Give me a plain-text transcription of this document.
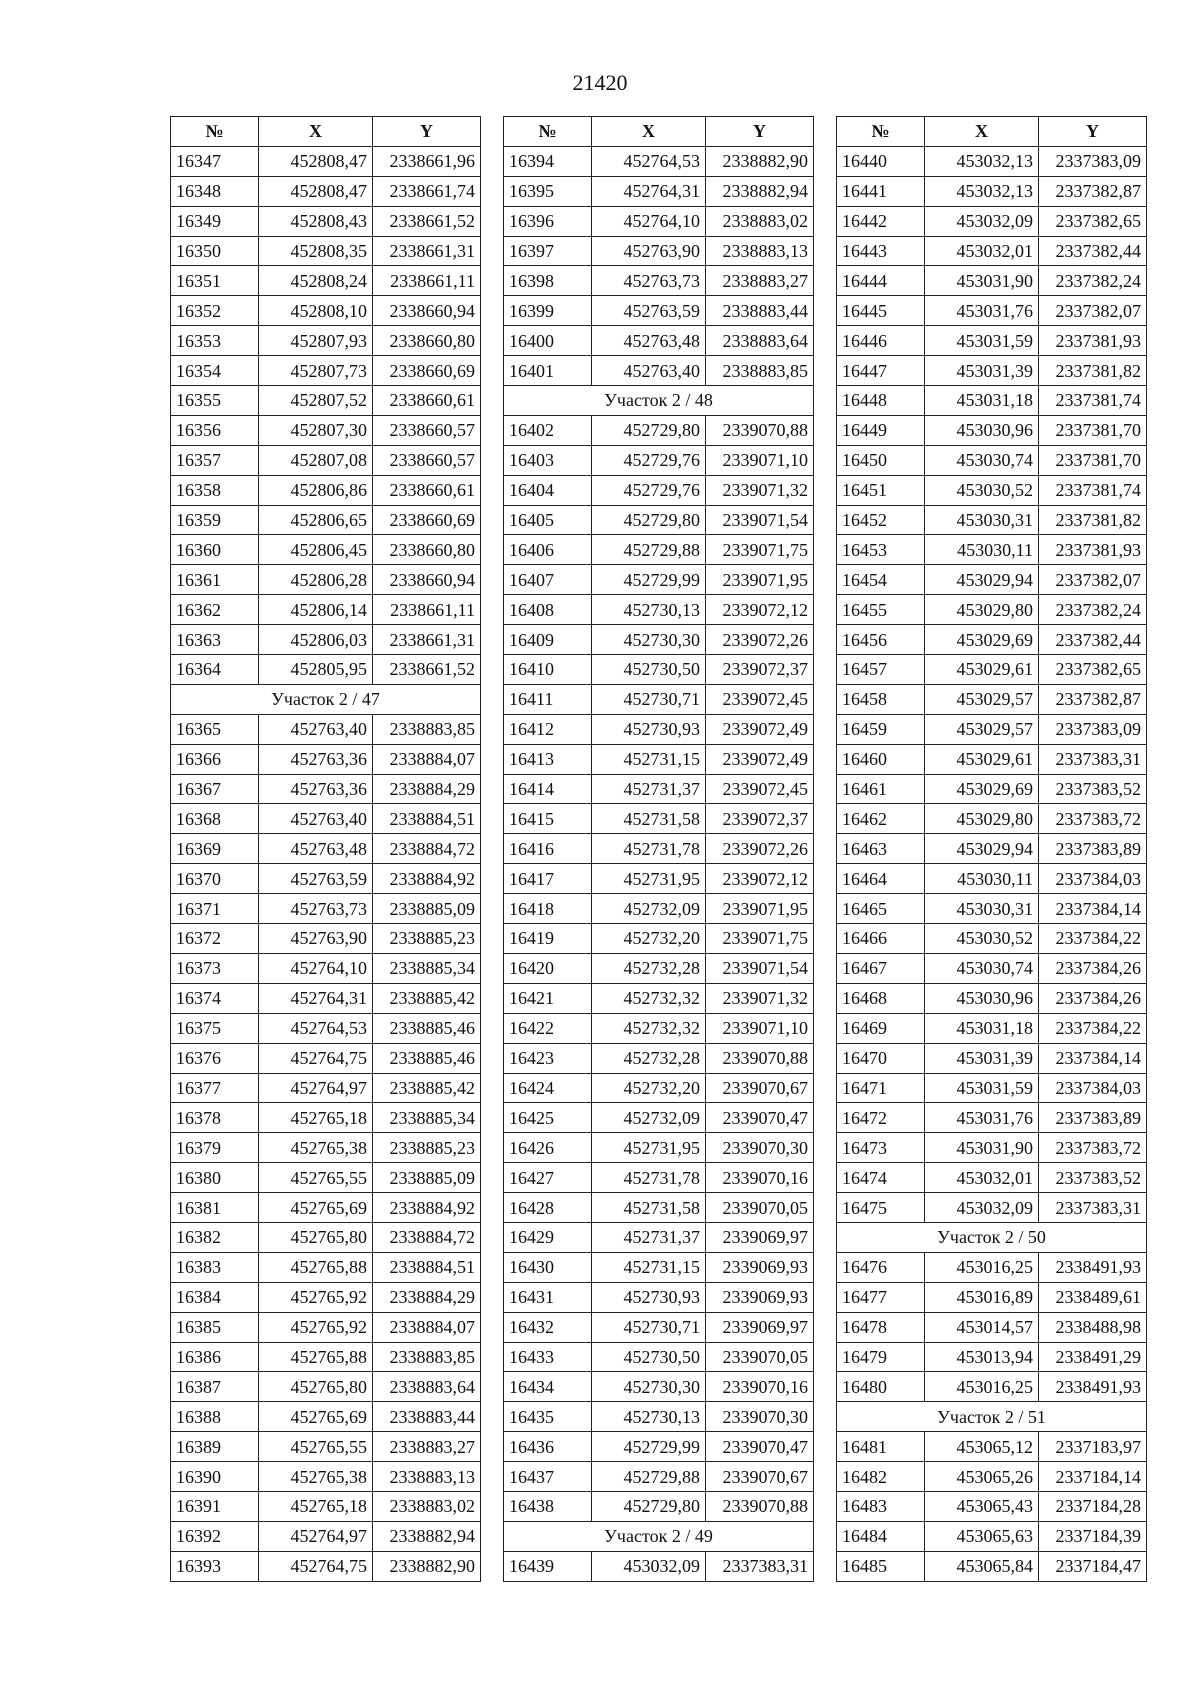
21420
№	X	Y
16347	452808,47	2338661,96
16348	452808,47	2338661,74
16349	452808,43	2338661,52
16350	452808,35	2338661,31
16351	452808,24	2338661,11
16352	452808,10	2338660,94
16353	452807,93	2338660,80
16354	452807,73	2338660,69
16355	452807,52	2338660,61
16356	452807,30	2338660,57
16357	452807,08	2338660,57
16358	452806,86	2338660,61
16359	452806,65	2338660,69
16360	452806,45	2338660,80
16361	452806,28	2338660,94
16362	452806,14	2338661,11
16363	452806,03	2338661,31
16364	452805,95	2338661,52
Участок 2 / 47		
16365	452763,40	2338883,85
16366	452763,36	2338884,07
16367	452763,36	2338884,29
16368	452763,40	2338884,51
16369	452763,48	2338884,72
16370	452763,59	2338884,92
16371	452763,73	2338885,09
16372	452763,90	2338885,23
16373	452764,10	2338885,34
16374	452764,31	2338885,42
16375	452764,53	2338885,46
16376	452764,75	2338885,46
16377	452764,97	2338885,42
16378	452765,18	2338885,34
16379	452765,38	2338885,23
16380	452765,55	2338885,09
16381	452765,69	2338884,92
16382	452765,80	2338884,72
16383	452765,88	2338884,51
16384	452765,92	2338884,29
16385	452765,92	2338884,07
16386	452765,88	2338883,85
16387	452765,80	2338883,64
16388	452765,69	2338883,44
16389	452765,55	2338883,27
16390	452765,38	2338883,13
16391	452765,18	2338883,02
16392	452764,97	2338882,94
16393	452764,75	2338882,90
№	X	Y
16394	452764,53	2338882,90
16395	452764,31	2338882,94
16396	452764,10	2338883,02
16397	452763,90	2338883,13
16398	452763,73	2338883,27
16399	452763,59	2338883,44
16400	452763,48	2338883,64
16401	452763,40	2338883,85
Участок 2 / 48		
16402	452729,80	2339070,88
16403	452729,76	2339071,10
16404	452729,76	2339071,32
16405	452729,80	2339071,54
16406	452729,88	2339071,75
16407	452729,99	2339071,95
16408	452730,13	2339072,12
16409	452730,30	2339072,26
16410	452730,50	2339072,37
16411	452730,71	2339072,45
16412	452730,93	2339072,49
16413	452731,15	2339072,49
16414	452731,37	2339072,45
16415	452731,58	2339072,37
16416	452731,78	2339072,26
16417	452731,95	2339072,12
16418	452732,09	2339071,95
16419	452732,20	2339071,75
16420	452732,28	2339071,54
16421	452732,32	2339071,32
16422	452732,32	2339071,10
16423	452732,28	2339070,88
16424	452732,20	2339070,67
16425	452732,09	2339070,47
16426	452731,95	2339070,30
16427	452731,78	2339070,16
16428	452731,58	2339070,05
16429	452731,37	2339069,97
16430	452731,15	2339069,93
16431	452730,93	2339069,93
16432	452730,71	2339069,97
16433	452730,50	2339070,05
16434	452730,30	2339070,16
16435	452730,13	2339070,30
16436	452729,99	2339070,47
16437	452729,88	2339070,67
16438	452729,80	2339070,88
Участок 2 / 49		
16439	453032,09	2337383,31
№	X	Y
16440	453032,13	2337383,09
16441	453032,13	2337382,87
16442	453032,09	2337382,65
16443	453032,01	2337382,44
16444	453031,90	2337382,24
16445	453031,76	2337382,07
16446	453031,59	2337381,93
16447	453031,39	2337381,82
16448	453031,18	2337381,74
16449	453030,96	2337381,70
16450	453030,74	2337381,70
16451	453030,52	2337381,74
16452	453030,31	2337381,82
16453	453030,11	2337381,93
16454	453029,94	2337382,07
16455	453029,80	2337382,24
16456	453029,69	2337382,44
16457	453029,61	2337382,65
16458	453029,57	2337382,87
16459	453029,57	2337383,09
16460	453029,61	2337383,31
16461	453029,69	2337383,52
16462	453029,80	2337383,72
16463	453029,94	2337383,89
16464	453030,11	2337384,03
16465	453030,31	2337384,14
16466	453030,52	2337384,22
16467	453030,74	2337384,26
16468	453030,96	2337384,26
16469	453031,18	2337384,22
16470	453031,39	2337384,14
16471	453031,59	2337384,03
16472	453031,76	2337383,89
16473	453031,90	2337383,72
16474	453032,01	2337383,52
16475	453032,09	2337383,31
Участок 2 / 50		
16476	453016,25	2338491,93
16477	453016,89	2338489,61
16478	453014,57	2338488,98
16479	453013,94	2338491,29
16480	453016,25	2338491,93
Участок 2 / 51		
16481	453065,12	2337183,97
16482	453065,26	2337184,14
16483	453065,43	2337184,28
16484	453065,63	2337184,39
16485	453065,84	2337184,47
